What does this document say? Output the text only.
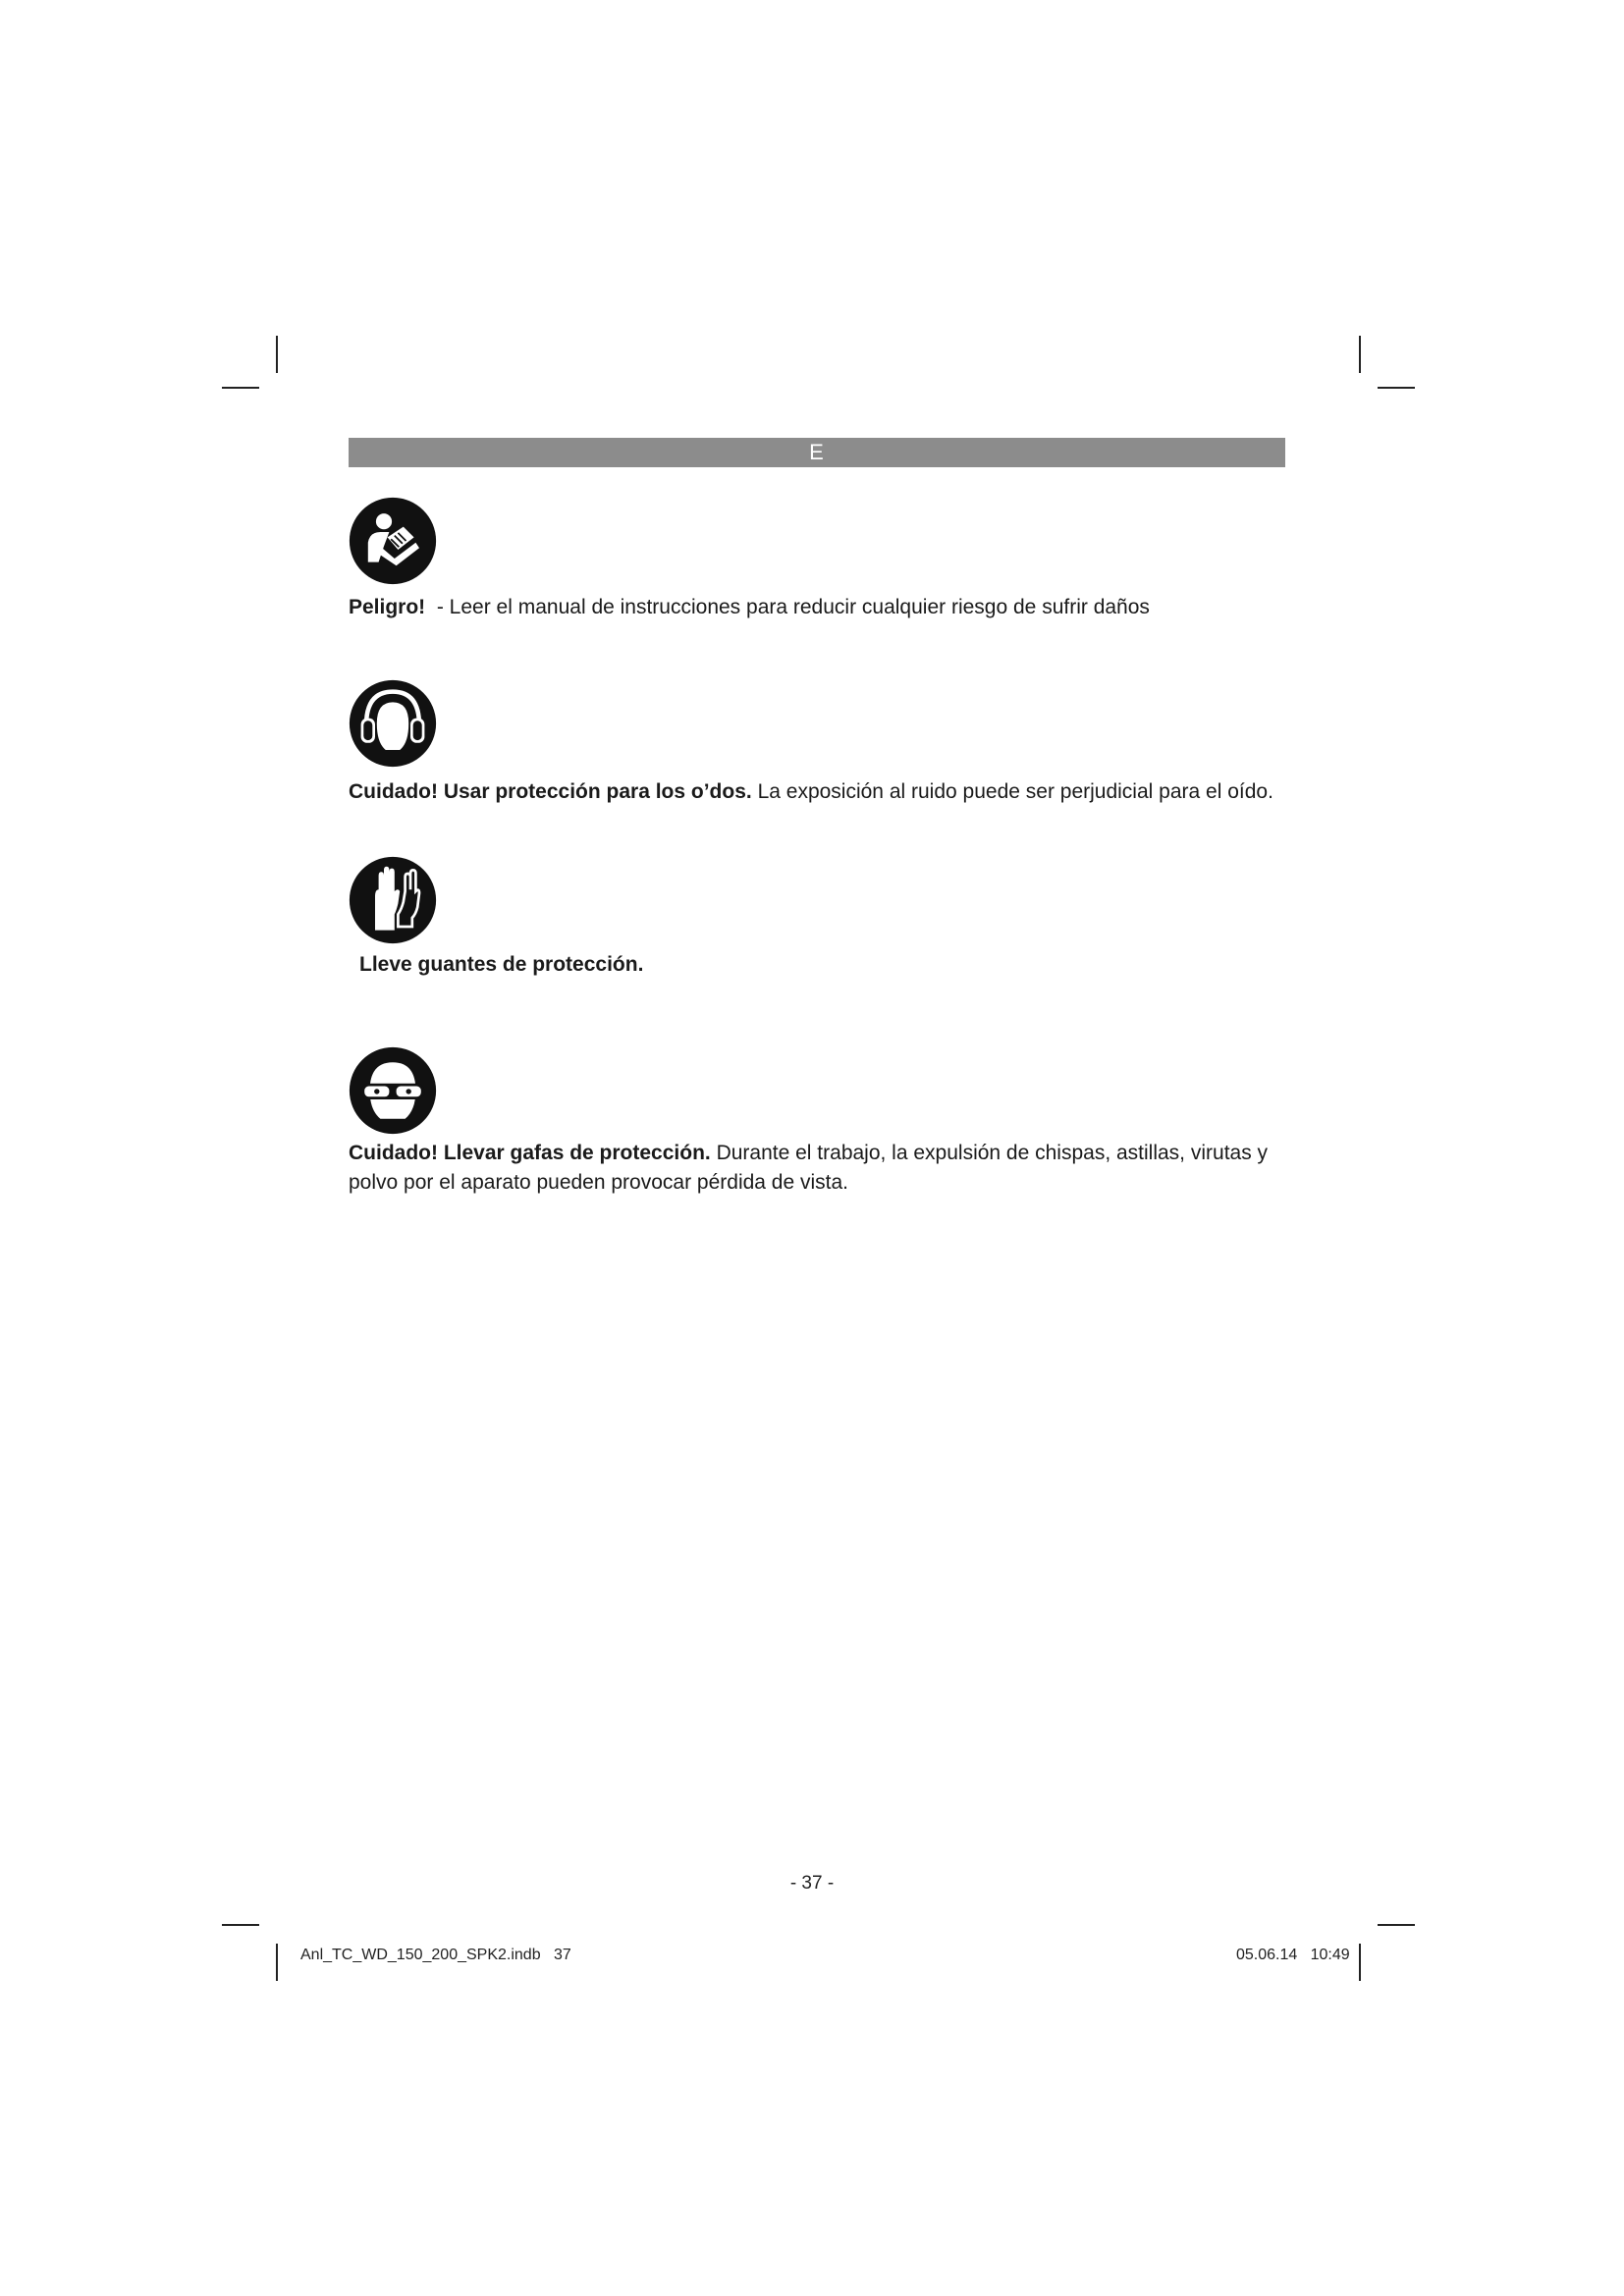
E
Peligro!  - Leer el manual de instrucciones para reducir cualquier riesgo de sufrir daños
Cuidado! Usar protección para los o’dos. La exposición al ruido puede ser perjudicial para el oído.
Lleve guantes de protección.
Cuidado! Llevar gafas de protección. Durante el trabajo, la expulsión de chispas, astillas, virutas y polvo por el aparato pueden provocar pérdida de vista.
- 37 -
Anl_TC_WD_150_200_SPK2.indb   37	05.06.14   10:49
